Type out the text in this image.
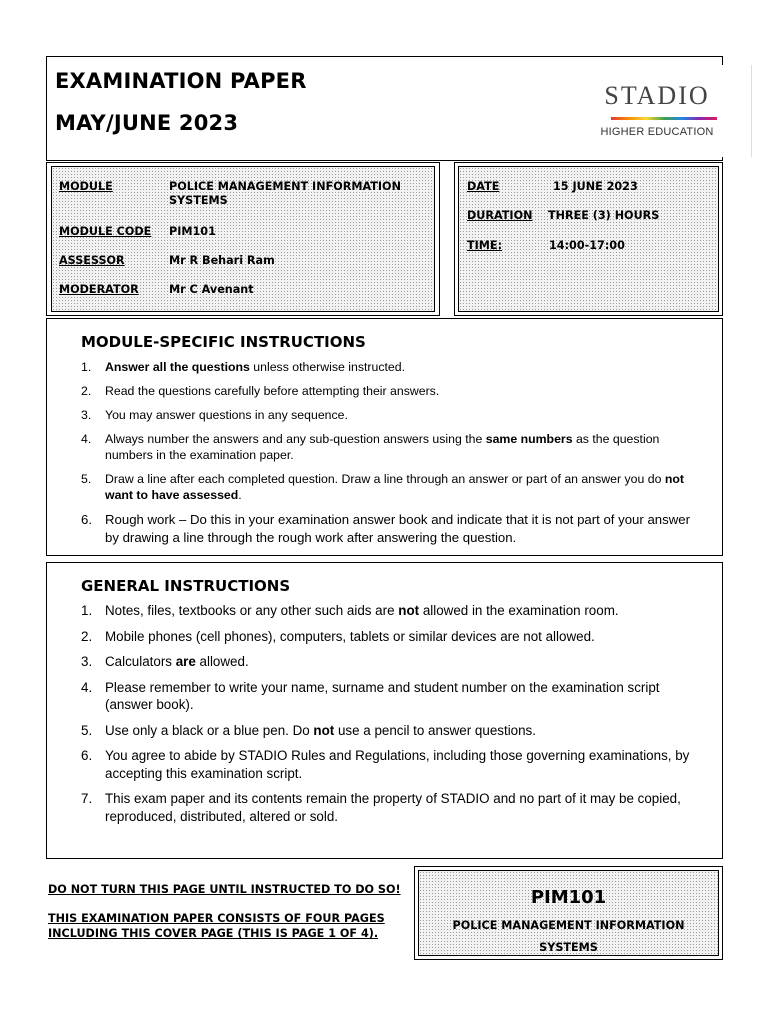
EXAMINATION PAPER
MAY/JUNE 2023
STADIO
HIGHER EDUCATION
MODULE	POLICE MANAGEMENT INFORMATION SYSTEMS
MODULE CODE PIM101
ASSESSOR	Mr R Behari Ram
MODERATOR	Mr C Avenant
DATE	15 JUNE 2023
DURATION THREE (3) HOURS
TIME:	14:00-17:00
MODULE-SPECIFIC INSTRUCTIONS
1. Answer all the questions unless otherwise instructed.
2. Read the questions carefully before attempting their answers.
3. You may answer questions in any sequence.
4. Always number the answers and any sub-question answers using the same numbers as the question numbers in the examination paper.
5. Draw a line after each completed question. Draw a line through an answer or part of an answer you do not want to have assessed.
6. Rough work – Do this in your examination answer book and indicate that it is not part of your answer by drawing a line through the rough work after answering the question.
GENERAL INSTRUCTIONS
1. Notes, files, textbooks or any other such aids are not allowed in the examination room.
2. Mobile phones (cell phones), computers, tablets or similar devices are not allowed.
3. Calculators are allowed.
4. Please remember to write your name, surname and student number on the examination script (answer book).
5. Use only a black or a blue pen. Do not use a pencil to answer questions.
6. You agree to abide by STADIO Rules and Regulations, including those governing examinations, by accepting this examination script.
7. This exam paper and its contents remain the property of STADIO and no part of it may be copied, reproduced, distributed, altered or sold.
DO NOT TURN THIS PAGE UNTIL INSTRUCTED TO DO SO!
THIS EXAMINATION PAPER CONSISTS OF FOUR PAGES INCLUDING THIS COVER PAGE (THIS IS PAGE 1 OF 4).
PIM101
POLICE MANAGEMENT INFORMATION
SYSTEMS
